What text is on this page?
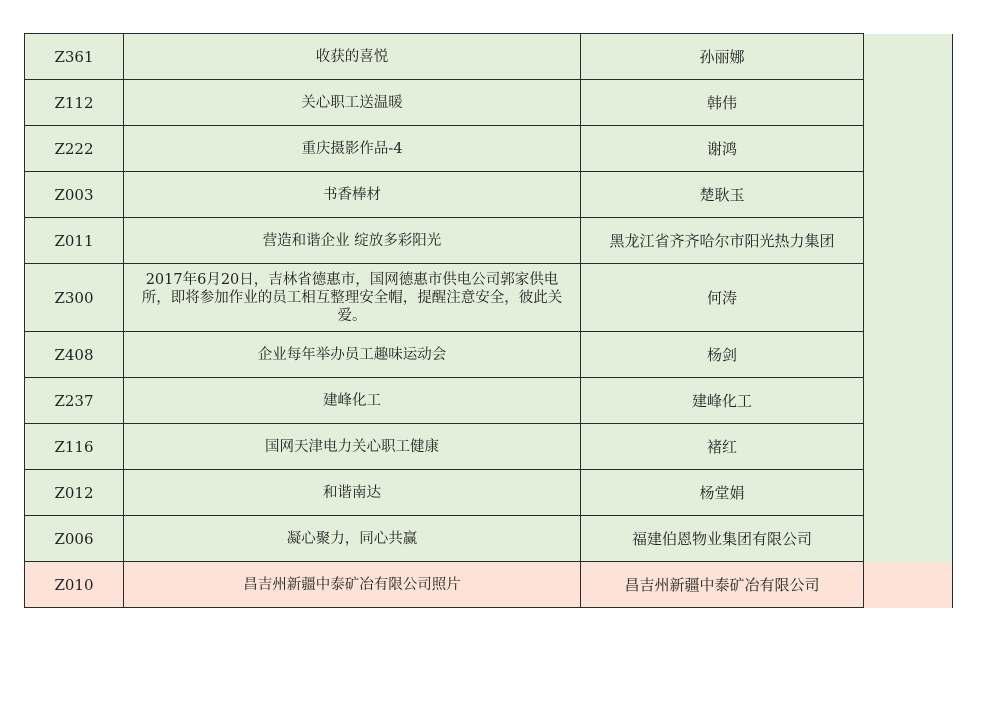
Z361	收获的喜悦	孙丽娜	
Z112	关心职工送温暖	韩伟	
Z222	重庆摄影作品-4	谢鸿	
Z003	书香棒材	楚耿玉	
Z011	营造和谐企业 绽放多彩阳光	黑龙江省齐齐哈尔市阳光热力集团	
Z300	2017年6月20日，吉林省德惠市，国网德惠市供电公司郭家供电所，即将参加作业的员工相互整理安全帽，提醒注意安全，彼此关爱。	何涛	
Z408	企业每年举办员工趣味运动会	杨剑	
Z237	建峰化工	建峰化工	
Z116	国网天津电力关心职工健康	褚红	
Z012	和谐南达	杨堂娟	
Z006	凝心聚力，同心共赢	福建伯恩物业集团有限公司	
Z010	昌吉州新疆中泰矿冶有限公司照片	昌吉州新疆中泰矿冶有限公司	
